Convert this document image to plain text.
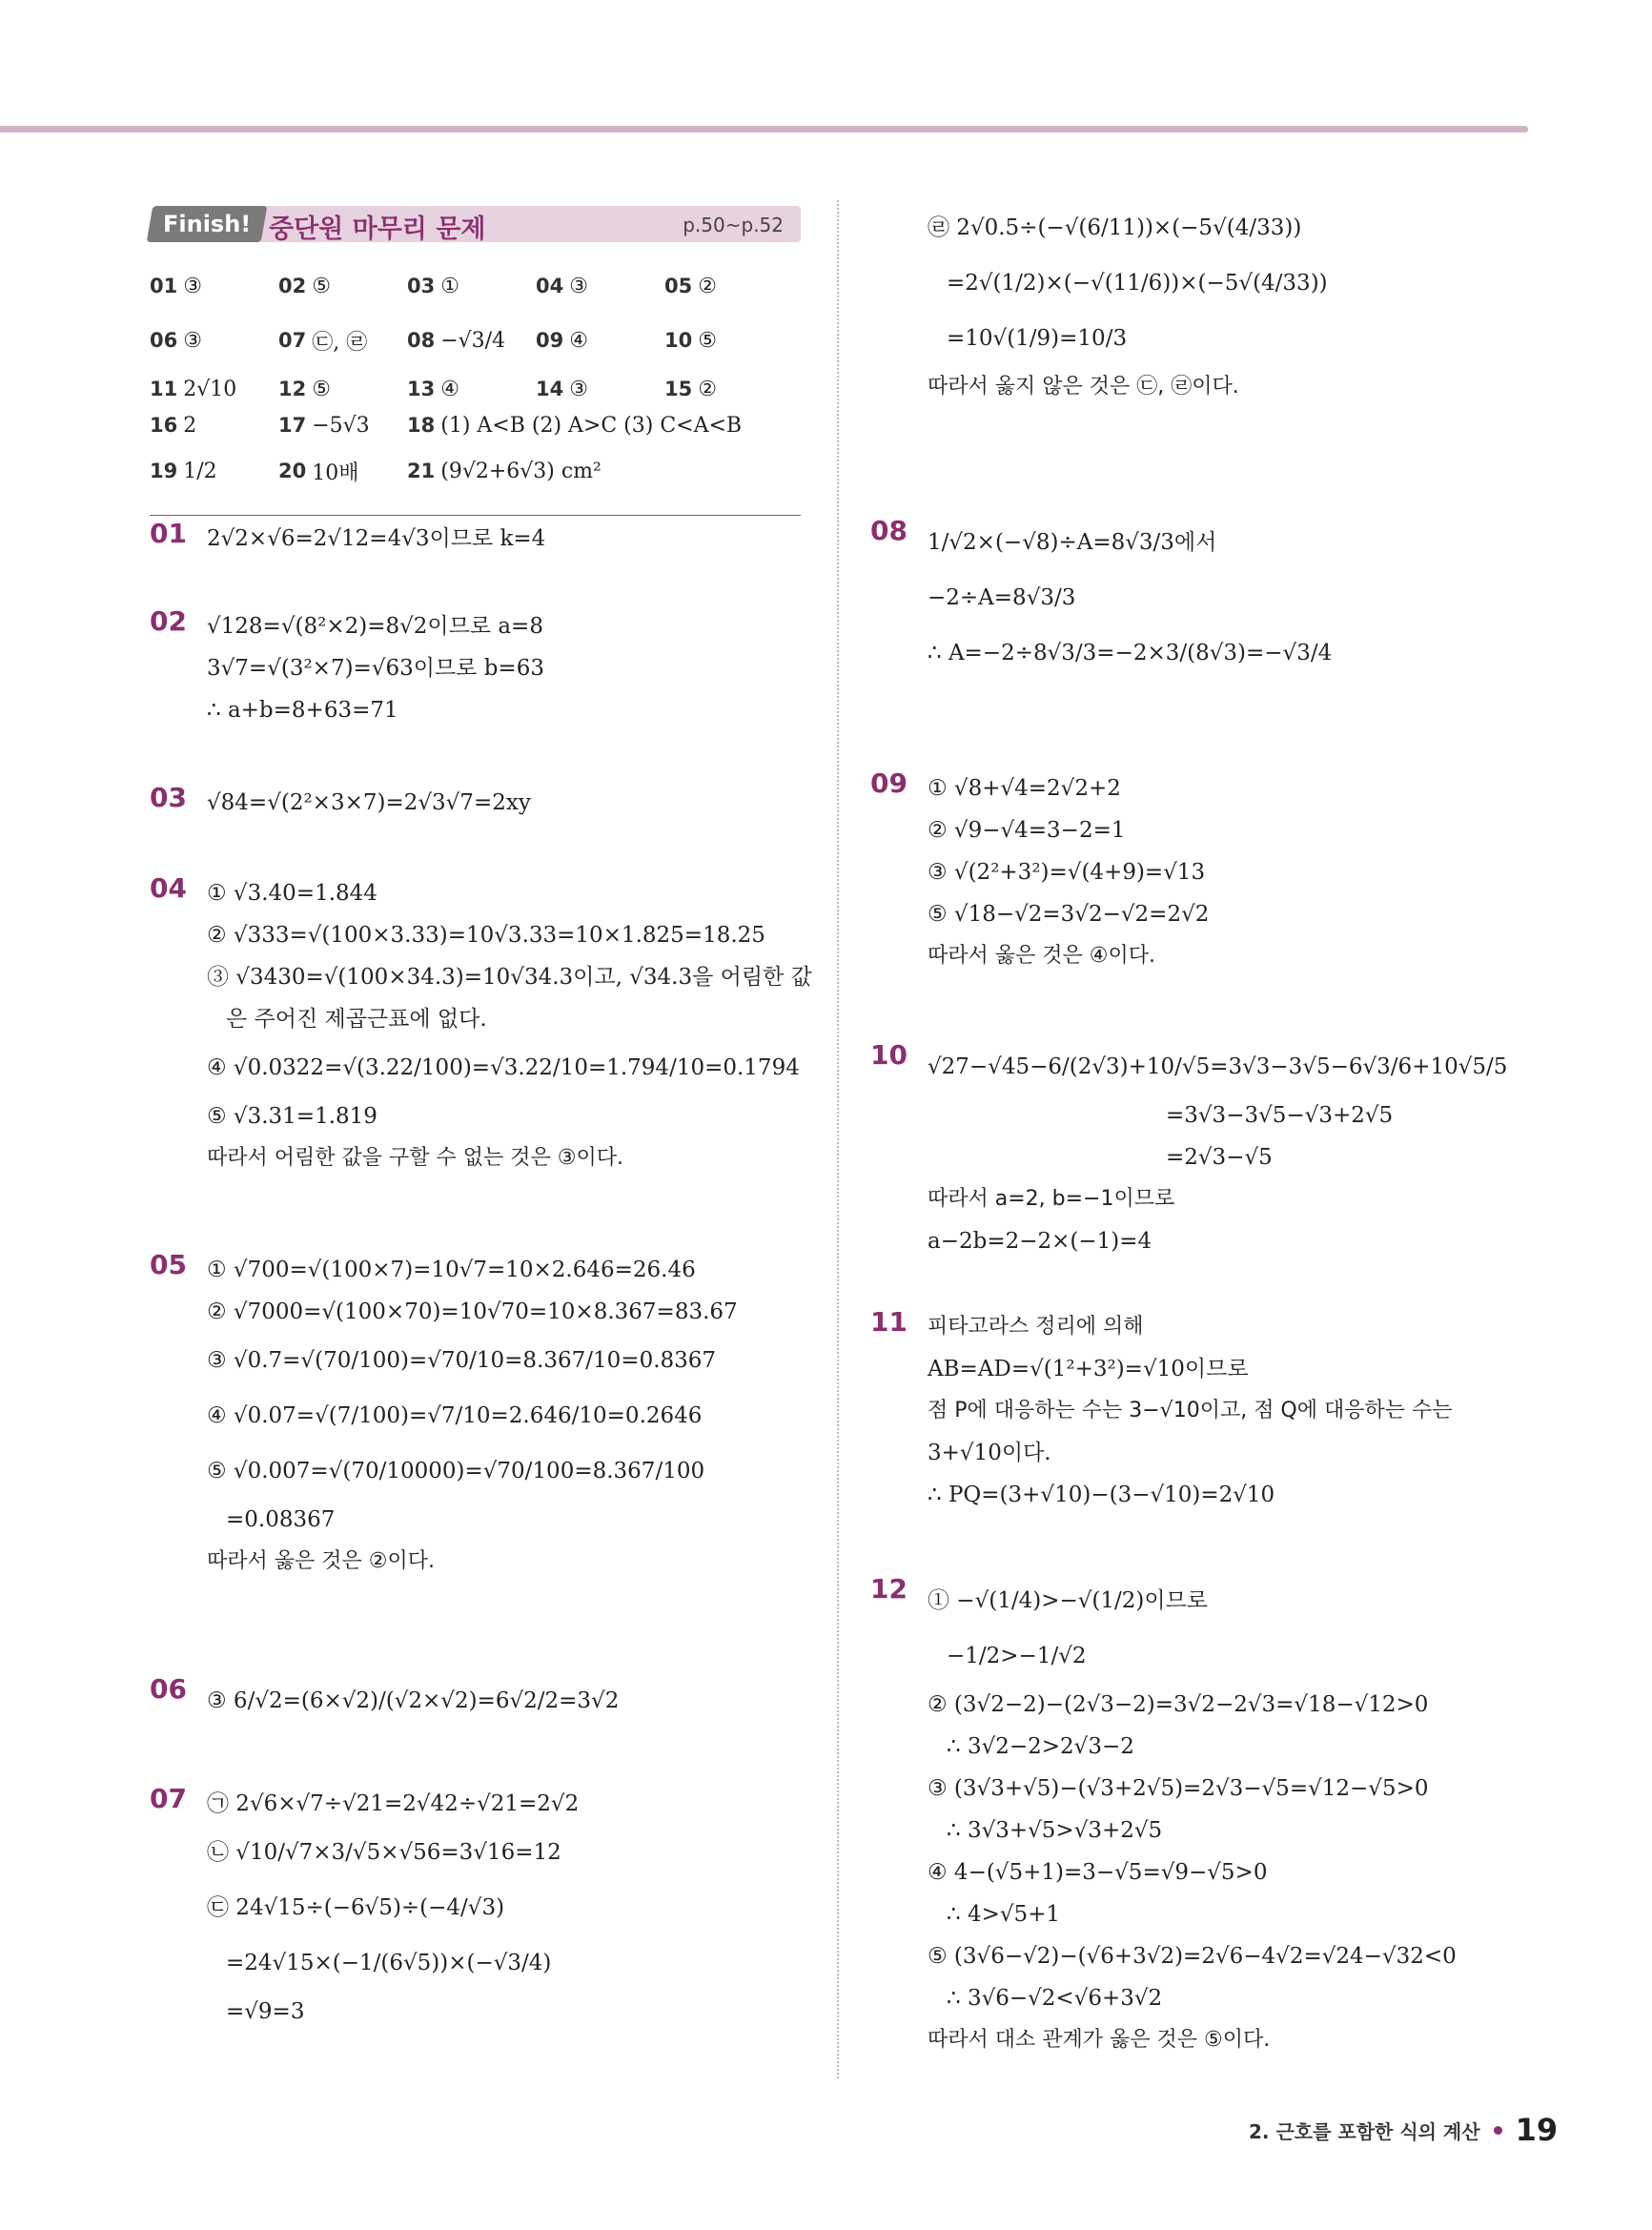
Finish! 중단원 마무리 문제	p.50~p.52
01 ③	02 ⑤	03 ①	04 ③	05 ②
06 ③	07 ㉢, ㉣ 08 −√3/4 09 ④	10 ⑤
11 2√10 12 ⑤	13 ④	14 ③	15 ②
16 2	17 −5√3 18 (1) A<B (2) A>C (3) C<A<B
19 1/2	20 10배 21 (9√2+6√3) cm²
01 2√2×√6=2√12=4√3이므로 k=4
02 √128=√(8²×2)=8√2이므로 a=8
3√7=√(3²×7)=√63이므로 b=63
∴ a+b=8+63=71
03 √84=√(2²×3×7)=2√3√7=2xy
04 ① √3.40=1.844
② √333=√(100×3.33)=10√3.33=10×1.825=18.25
③ √3430=√(100×34.3)=10√34.3이고, √34.3을 어림한 값
은 주어진 제곱근표에 없다.
④ √0.0322=√(3.22/100)=√3.22/10=1.794/10=0.1794
⑤ √3.31=1.819
따라서 어림한 값을 구할 수 없는 것은 ③이다.
05 ① √700=√(100×7)=10√7=10×2.646=26.46
② √7000=√(100×70)=10√70=10×8.367=83.67
③ √0.7=√(70/100)=√70/10=8.367/10=0.8367
④ √0.07=√(7/100)=√7/10=2.646/10=0.2646
⑤ √0.007=√(70/10000)=√70/100=8.367/100
=0.08367
따라서 옳은 것은 ②이다.
06 ③ 6/√2=(6×√2)/(√2×√2)=6√2/2=3√2
07 ㉠ 2√6×√7÷√21=2√42÷√21=2√2
㉡ √10/√7×3/√5×√56=3√16=12
㉢ 24√15÷(−6√5)÷(−4/√3)
=24√15×(−1/(6√5))×(−√3/4)
=√9=3
㉣ 2√0.5÷(−√(6/11))×(−5√(4/33))
=2√(1/2)×(−√(11/6))×(−5√(4/33))
=10√(1/9)=10/3
따라서 옳지 않은 것은 ㉢, ㉣이다.
08 1/√2×(−√8)÷A=8√3/3에서
−2÷A=8√3/3
∴ A=−2÷8√3/3=−2×3/(8√3)=−√3/4
09 ① √8+√4=2√2+2
② √9−√4=3−2=1
③ √(2²+3²)=√(4+9)=√13
⑤ √18−√2=3√2−√2=2√2
따라서 옳은 것은 ④이다.
10 √27−√45−6/(2√3)+10/√5=3√3−3√5−6√3/6+10√5/5
=3√3−3√5−√3+2√5
=2√3−√5
따라서 a=2, b=−1이므로
a−2b=2−2×(−1)=4
11 피타고라스 정리에 의해
AB=AD=√(1²+3²)=√10이므로
점 P에 대응하는 수는 3−√10이고, 점 Q에 대응하는 수는
3+√10이다.
∴ PQ=(3+√10)−(3−√10)=2√10
12 ① −√(1/4)>−√(1/2)이므로
−1/2>−1/√2
② (3√2−2)−(2√3−2)=3√2−2√3=√18−√12>0
∴ 3√2−2>2√3−2
③ (3√3+√5)−(√3+2√5)=2√3−√5=√12−√5>0
∴ 3√3+√5>√3+2√5
④ 4−(√5+1)=3−√5=√9−√5>0
∴ 4>√5+1
⑤ (3√6−√2)−(√6+3√2)=2√6−4√2=√24−√32<0
∴ 3√6−√2<√6+3√2
따라서 대소 관계가 옳은 것은 ⑤이다.
2. 근호를 포함한 식의 계산 19
